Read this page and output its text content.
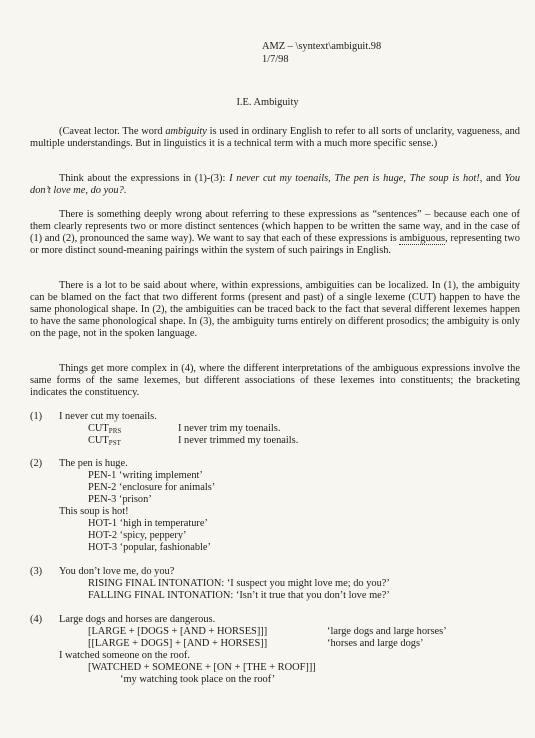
AMZ – \syntext\ambiguit.98
1/7/98
I.E. Ambiguity
(Caveat lector. The word ambiguity is used in ordinary English to refer to all sorts of unclarity, vagueness, and multiple understandings. But in linguistics it is a technical term with a much more specific sense.)
Think about the expressions in (1)-(3): I never cut my toenails, The pen is huge, The soup is hot!, and You don’t love me, do you?.
There is something deeply wrong about referring to these expressions as “sentences” – because each one of them clearly represents two or more distinct sentences (which happen to be written the same way, and in the case of (1) and (2), pronounced the same way). We want to say that each of these expressions is ambiguous, representing two or more distinct sound-meaning pairings within the system of such pairings in English.
There is a lot to be said about where, within expressions, ambiguities can be localized. In (1), the ambiguity can be blamed on the fact that two different forms (present and past) of a single lexeme (CUT) happen to have the same phonological shape. In (2), the ambiguities can be traced back to the fact that several different lexemes happen to have the same phonological shape. In (3), the ambiguity turns entirely on different prosodics; the ambiguity is only on the page, not in the spoken language.
Things get more complex in (4), where the different interpretations of the ambiguous expressions involve the same forms of the same lexemes, but different associations of these lexemes into constituents; the bracketing indicates the constituency.
(1) I never cut my toenails.
$CUT_{PRS}$	I never trim my toenails.
$CUT_{PST}$	I never trimmed my toenails.
(2) The pen is huge.
PEN-1 ‘writing implement’
PEN-2 ‘enclosure for animals’
PEN-3 ‘prison’
This soup is hot!
HOT-1 ‘high in temperature’
HOT-2 ‘spicy, peppery’
HOT-3 ‘popular, fashionable’
(3) You don’t love me, do you?
RISING FINAL INTONATION: ‘I suspect you might love me; do you?’
FALLING FINAL INTONATION: ‘Isn’t it true that you don’t love me?’
(4) Large dogs and horses are dangerous.
[LARGE + [DOGS + [AND + HORSES]]]	‘large dogs and large horses’
[[LARGE + DOGS] + [AND + HORSES]]	‘horses and large dogs’
I watched someone on the roof.
[WATCHED + SOMEONE + [ON + [THE + ROOF]]]
‘my watching took place on the roof’
